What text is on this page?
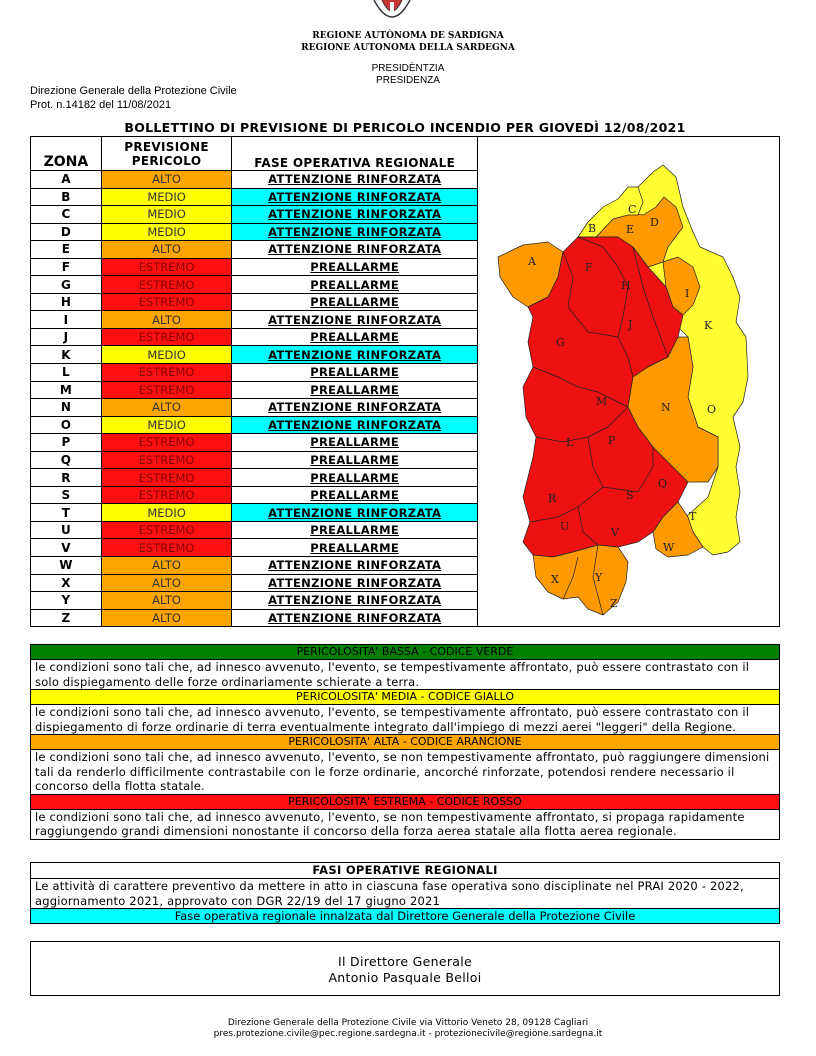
REGIONE AUTÒNOMA DE SARDIGNA
REGIONE AUTONOMA DELLA SARDEGNA
PRESIDÈNTZIA
PRESIDENZA
Direzione Generale della Protezione Civile
Prot. n.14182 del 11/08/2021
BOLLETTINO DI PREVISIONE DI PERICOLO INCENDIO PER GIOVEDÌ 12/08/2021
ZONA	PREVISIONE PERICOLO	FASE OPERATIVA REGIONALE
A	ALTO	ATTENZIONE RINFORZATA
B	MEDIO	ATTENZIONE RINFORZATA
C	MEDIO	ATTENZIONE RINFORZATA
D	MEDIO	ATTENZIONE RINFORZATA
E	ALTO	ATTENZIONE RINFORZATA
F	ESTREMO	PREALLARME
G	ESTREMO	PREALLARME
H	ESTREMO	PREALLARME
I	ALTO	ATTENZIONE RINFORZATA
J	ESTREMO	PREALLARME
K	MEDIO	ATTENZIONE RINFORZATA
L	ESTREMO	PREALLARME
M	ESTREMO	PREALLARME
N	ALTO	ATTENZIONE RINFORZATA
O	MEDIO	ATTENZIONE RINFORZATA
P	ESTREMO	PREALLARME
Q	ESTREMO	PREALLARME
R	ESTREMO	PREALLARME
S	ESTREMO	PREALLARME
T	MEDIO	ATTENZIONE RINFORZATA
U	ESTREMO	PREALLARME
V	ESTREMO	PREALLARME
W	ALTO	ATTENZIONE RINFORZATA
X	ALTO	ATTENZIONE RINFORZATA
Y	ALTO	ATTENZIONE RINFORZATA
Z	ALTO	ATTENZIONE RINFORZATA
A
B
C
D
E
F
G
H
I
J	K
L
M	N	O
P
Q
R	S
T
U	V
W
X	Y
Z
PERICOLOSITA' BASSA - CODICE VERDE
le condizioni sono tali che, ad innesco avvenuto, l'evento, se tempestivamente affrontato, può essere contrastato con il solo dispiegamento delle forze ordinariamente schierate a terra.
PERICOLOSITA' MEDIA - CODICE GIALLO
le condizioni sono tali che, ad innesco avvenuto, l'evento, se tempestivamente affrontato, può essere contrastato con il dispiegamento di forze ordinarie di terra eventualmente integrato dall'impiego di mezzi aerei "leggeri" della Regione.
PERICOLOSITA' ALTA - CODICE ARANCIONE
le condizioni sono tali che, ad innesco avvenuto, l'evento, se non tempestivamente affrontato, può raggiungere dimensioni tali da renderlo difficilmente contrastabile con le forze ordinarie, ancorché rinforzate, potendosi rendere necessario il concorso della flotta statale.
PERICOLOSITA' ESTREMA - CODICE ROSSO
le condizioni sono tali che, ad innesco avvenuto, l'evento, se non tempestivamente affrontato, si propaga rapidamente raggiungendo grandi dimensioni nonostante il concorso della forza aerea statale alla flotta aerea regionale.
FASI OPERATIVE REGIONALI
Le attività di carattere preventivo da mettere in atto in ciascuna fase operativa sono disciplinate nel PRAI 2020 - 2022, aggiornamento 2021, approvato con DGR 22/19 del 17 giugno 2021
Fase operativa regionale innalzata dal Direttore Generale della Protezione Civile
Il Direttore Generale
Antonio Pasquale Belloi
Direzione Generale della Protezione Civile via Vittorio Veneto 28, 09128 Cagliari
pres.protezione.civile@pec.regione.sardegna.it - protezionecivile@regione.sardegna.it
